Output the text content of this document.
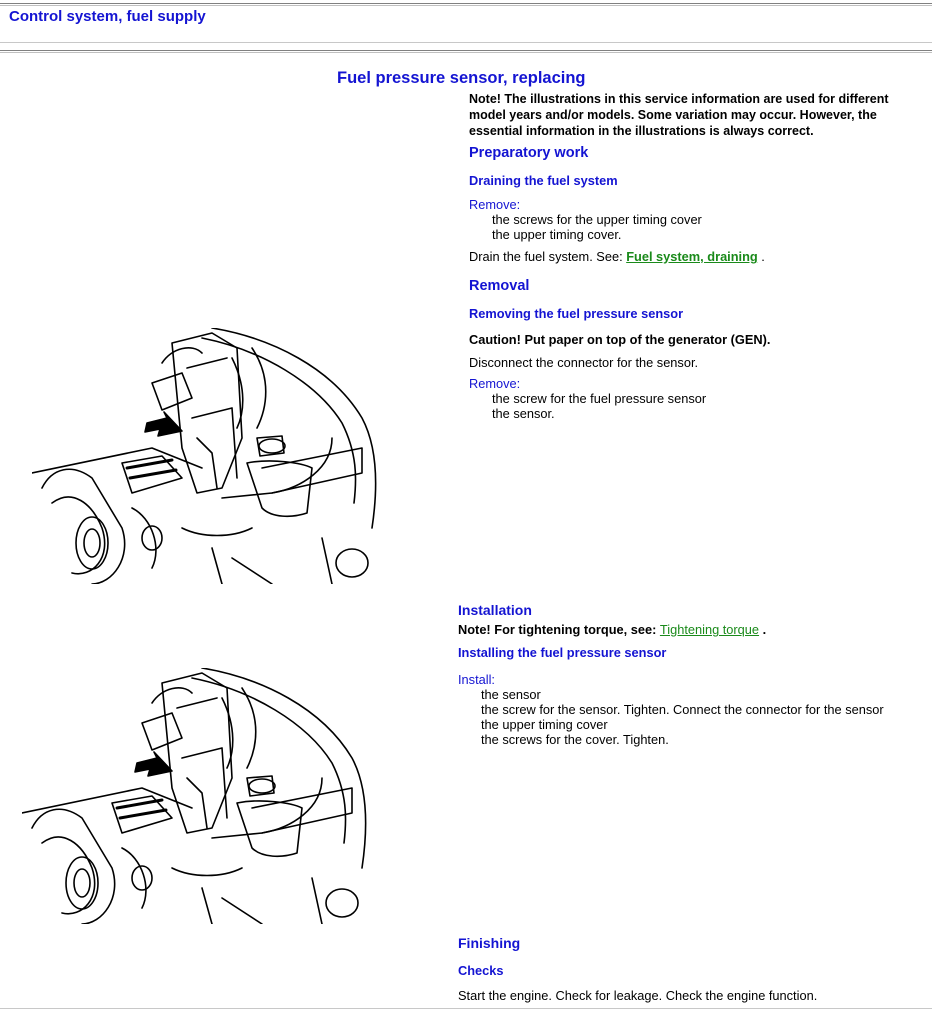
Control system, fuel supply
Fuel pressure sensor, replacing
Note! The illustrations in this service information are used for different model years and/or models. Some variation may occur. However, the essential information in the illustrations is always correct.
Preparatory work
Draining the fuel system
Remove:
the screws for the upper timing cover
the upper timing cover.
Drain the fuel system. See: Fuel system, draining .
Removal
Removing the fuel pressure sensor
Caution! Put paper on top of the generator (GEN).
Disconnect the connector for the sensor.
Remove:
the screw for the fuel pressure sensor
the sensor.
Installation
Note! For tightening torque, see: Tightening torque .
Installing the fuel pressure sensor
Install:
the sensor
the screw for the sensor. Tighten. Connect the connector for the sensor
the upper timing cover
the screws for the cover. Tighten.
Finishing
Checks
Start the engine. Check for leakage. Check the engine function.
